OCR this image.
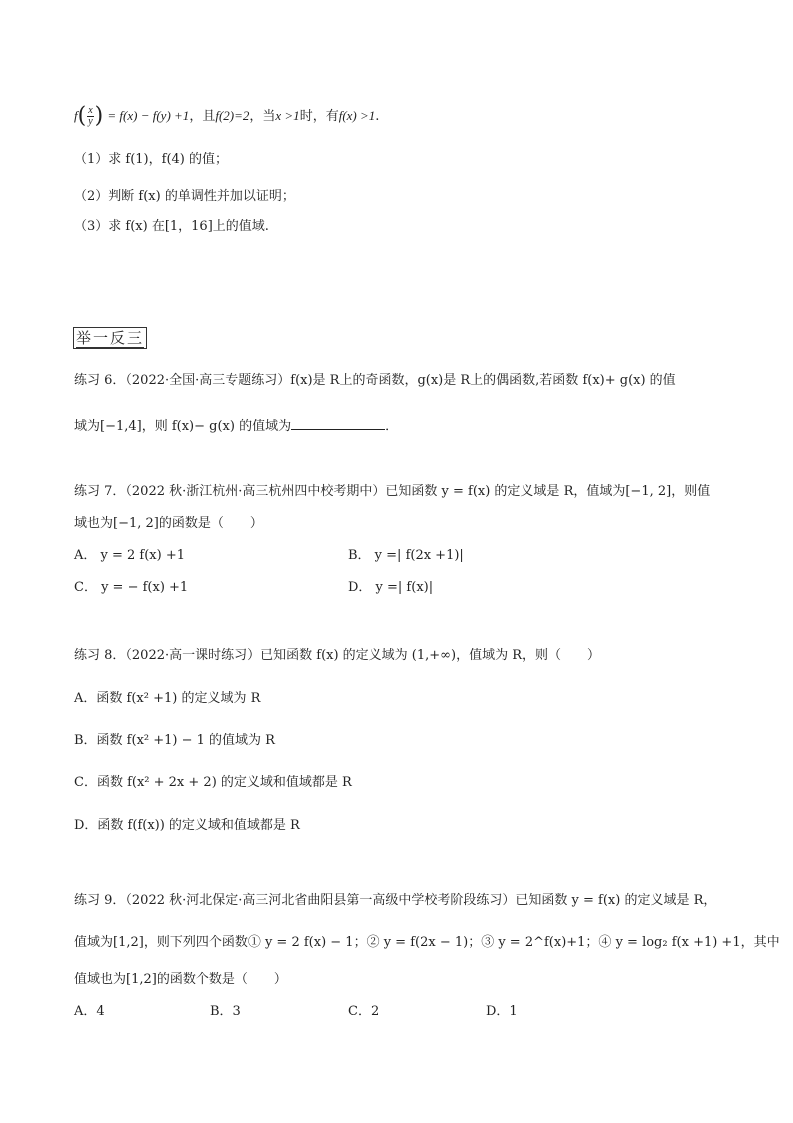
$f( \frac{x}{y}$ ) = f(x) − f(y) +1，且f(2)=2，当x >1时，有f(x) >1.
（1）求 f(1)，f(4) 的值；
（2）判断 f(x) 的单调性并加以证明；
（3）求 f(x) 在[1，16]上的值域.
举一反三
练习 6．（2022·全国·高三专题练习）f(x)是 R上的奇函数，g(x)是 R上的偶函数,若函数 f(x)+ g(x) 的值
域为[−1,4]，则 f(x)− g(x) 的值域为	．
练习 7．（2022 秋·浙江杭州·高三杭州四中校考期中）已知函数 y = f(x) 的定义域是 R，值域为[−1, 2]，则值
域也为[−1, 2]的函数是（　　）
A． y = 2 f(x) +1	B． y =| f(2x +1)|
C． y = − f(x) +1	D． y =| f(x)|
练习 8．（2022·高一课时练习）已知函数 f(x) 的定义域为 (1,+∞)，值域为 R，则（　　）
A．函数 f(x² +1) 的定义域为 R
B．函数 f(x² +1) − 1 的值域为 R
C．函数 f(x² + 2x + 2) 的定义域和值域都是 R
D．函数 f(f(x)) 的定义域和值域都是 R
练习 9．（2022 秋·河北保定·高三河北省曲阳县第一高级中学校考阶段练习）已知函数 y = f(x) 的定义域是 R，
值域为[1,2]，则下列四个函数① y = 2 f(x) − 1；② y = f(2x − 1)；③ y = 2^f(x)+1；④ y = log₂ f(x +1) +1，其中
值域也为[1,2]的函数个数是（　　）
A．4	B．3	C．2	D．1
